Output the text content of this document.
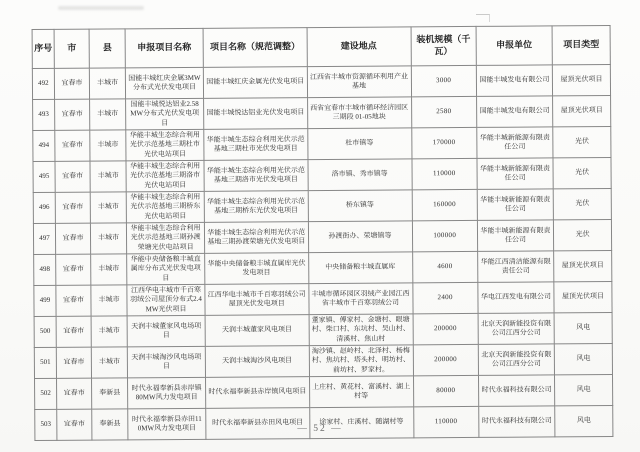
序号	市	县	申报项目名称	项目名称（规范调整）	建设地点	装机规模（千瓦）	申报单位	项目类型
492	宜春市	丰城市	国能丰城红庆金属3MW分布式光伏发电项目	国能丰城红庆金属光伏发电项目	江西省丰城市资源循环利用产业基地	3000	国能丰城发电有限公司	屋顶光伏项目
493	宜春市	丰城市	国能丰城悦达铝业2.58MW分布式光伏发电项目	国能丰城悦达铝业光伏发电项目	西省宜春市丰城市循环经济园区三期段 01-05地块	2580	国能丰城发电有限公司	屋顶光伏项目
494	宜春市	丰城市	华能丰城生态综合利用光伏示范基地三期杜市光伏电站项目	华能丰城生态综合利用光伏示范基地三期杜市光伏发电项目	杜市镇等	170000	华能丰城新能源有限责任公司	光伏
495	宜春市	丰城市	华能丰城生态综合利用光伏示范基地三期洛市光伏电站项目	华能丰城生态综合利用光伏示范基地三期洛市光伏发电项目	洛市镇、秀市镇等	110000	华能丰城新能源有限责任公司	光伏
496	宜春市	丰城市	华能丰城生态综合利用光伏示范基地三期桥东光伏电站项目	华能丰城生态综合利用光伏示范基地三期桥东光伏发电项目	桥东镇等	160000	华能丰城新能源有限责任公司	光伏
497	宜春市	丰城市	华能丰城生态综合利用光伏示范基地三期孙渡荣塘光伏电站项目	华能丰城生态综合利用光伏示范基地三期孙渡荣塘光伏发电项目	孙渡街办、荣塘镇等	100000	华能丰城新能源有限责任公司	光伏
498	宜春市	丰城市	华能中央储备粮丰城直属库分布式光伏发电项目	华能中央储备粮丰城直属库光伏发电项目	中央储备粮丰城直属库	4600	华能江西清洁能源有限责任公司	屋顶光伏项目
499	宜春市	丰城市	江西华电丰城市千百寒羽绒公司屋顶分布式2.4MW光伏项目	江西华电丰城市千百寒羽绒公司屋顶光伏发电项目	丰城市循环园区羽绒产业园江西省丰城市千百寒羽绒公司	2400	华电江西发电有限公司	屋顶光伏项目
500	宜春市	丰城市	天润丰城董家风电场项目	天润丰城董家风电项目	董家镇、傅家村、金塘村、眼塘村、柴口村、东坑村、吴山村、清溪村、焦山村	200000	北京天润新能投资有限公司江西分公司	风电
501	宜春市	丰城市	天润丰城淘沙风电场项目	天润丰城淘沙风电项目	淘沙镇、赵岭村、北泽村、杨梅村、焦坑村、塔头村、明坊村、前坊村、罗家村。	200000	北京天润新能投资有限公司江西分公司	风电
502	宜春市	奉新县	时代永福奉新县赤岸镇80MW风力发电项目	时代永福奉新县赤岸镇风电项目	上庄村、黄花村、富溪村、湖上村等	80000	时代永福科技有限公司	风电
503	宜春市	奉新县	时代永福奉新县赤田110MW风力发电项目	时代永福奉新县赤田风电项目	途家村、庄溪村、随湖村等	110000	时代永福科技有限公司	风电
— 52 —
